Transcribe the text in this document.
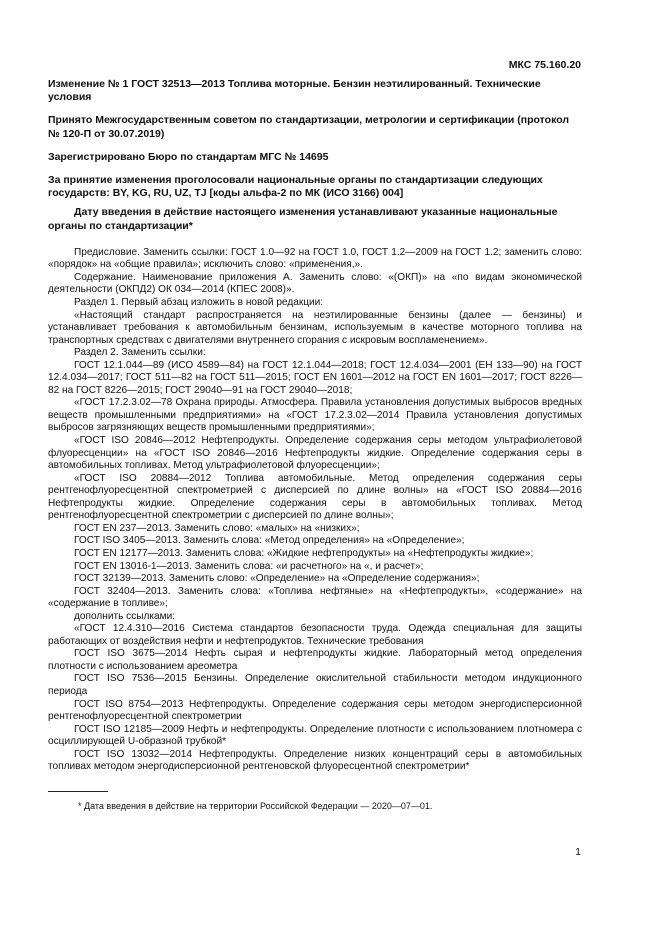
МКС 75.160.20

Изменение № 1 ГОСТ 32513—2013 Топлива моторные. Бензин неэтилированный. Технические условия

Принято Межгосударственным советом по стандартизации, метрологии и сертификации (протокол № 120-П от 30.07.2019)

Зарегистрировано Бюро по стандартам МГС № 14695

За принятие изменения проголосовали национальные органы по стандартизации следующих государств: BY, KG, RU, UZ, TJ [коды альфа-2 по МК (ИСО 3166) 004]

Дату введения в действие настоящего изменения устанавливают указанные национальные органы по стандартизации*

Предисловие. Заменить ссылки: ГОСТ 1.0—92 на ГОСТ 1.0, ГОСТ 1.2—2009 на ГОСТ 1.2; заменить слово: «порядок» на «общие правила»; исключить слово: «применения,».

Содержание. Наименование приложения А. Заменить слово: «(ОКП)» на «по видам экономической деятельности (ОКПД2) ОК 034—2014 (КПЕС 2008)».

Раздел 1. Первый абзац изложить в новой редакции:

«Настоящий стандарт распространяется на неэтилированные бензины (далее — бензины) и устанавливает требования к автомобильным бензинам, используемым в качестве моторного топлива на транспортных средствах с двигателями внутреннего сгорания с искровым воспламенением».

Раздел 2. Заменить ссылки:

ГОСТ 12.1.044—89 (ИСО 4589—84) на ГОСТ 12.1.044—2018; ГОСТ 12.4.034—2001 (ЕН 133—90) на ГОСТ 12.4.034—2017; ГОСТ 511—82 на ГОСТ 511—2015; ГОСТ EN 1601—2012 на ГОСТ EN 1601—2017; ГОСТ 8226—82 на ГОСТ 8226—2015; ГОСТ 29040—91 на ГОСТ 29040—2018;

«ГОСТ 17.2.3.02—78 Охрана природы. Атмосфера. Правила установления допустимых выбросов вредных веществ промышленными предприятиями» на «ГОСТ 17.2.3.02—2014 Правила установления допустимых выбросов загрязняющих веществ промышленными предприятиями»;

«ГОСТ ISO 20846—2012 Нефтепродукты. Определение содержания серы методом ультрафиолетовой флуоресценции» на «ГОСТ ISO 20846—2016 Нефтепродукты жидкие. Определение содержания серы в автомобильных топливах. Метод ультрафиолетовой флуоресценции»;

«ГОСТ ISO 20884—2012 Топлива автомобильные. Метод определения содержания серы рентгенофлуоресцентной спектрометрией с дисперсией по длине волны» на «ГОСТ ISO 20884—2016 Нефтепродукты жидкие. Определение содержания серы в автомобильных топливах. Метод рентгенофлуоресцентной спектрометрии с дисперсией по длине волны»;

ГОСТ EN 237—2013. Заменить слово: «малых» на «низких»;

ГОСТ ISO 3405—2013. Заменить слова: «Метод определения» на «Определение»;

ГОСТ EN 12177—2013. Заменить слова: «Жидкие нефтепродукты» на «Нефтепродукты жидкие»;

ГОСТ EN 13016-1—2013. Заменить слова: «и расчетного» на «, и расчет»;

ГОСТ 32139—2013. Заменить слово: «Определение» на «Определение содержания»;

ГОСТ 32404—2013. Заменить слова: «Топлива нефтяные» на «Нефтепродукты», «содержание» на «содержание в топливе»;

дополнить ссылками:

«ГОСТ 12.4.310—2016 Система стандартов безопасности труда. Одежда специальная для защиты работающих от воздействия нефти и нефтепродуктов. Технические требования

ГОСТ ISO 3675—2014 Нефть сырая и нефтепродукты жидкие. Лабораторный метод определения плотности с использованием ареометра

ГОСТ ISO 7536—2015 Бензины. Определение окислительной стабильности методом индукционного периода

ГОСТ ISO 8754—2013 Нефтепродукты. Определение содержания серы методом энергодисперсионной рентгенофлуоресцентной спектрометрии

ГОСТ ISO 12185—2009 Нефть и нефтепродукты. Определение плотности с использованием плотномера с осциллирующей U-образной трубкой*

ГОСТ ISO 13032—2014 Нефтепродукты. Определение низких концентраций серы в автомобильных топливах методом энергодисперсионной рентгеновской флуоресцентной спектрометрии*

* Дата введения в действие на территории Российской Федерации — 2020—07—01.
1
